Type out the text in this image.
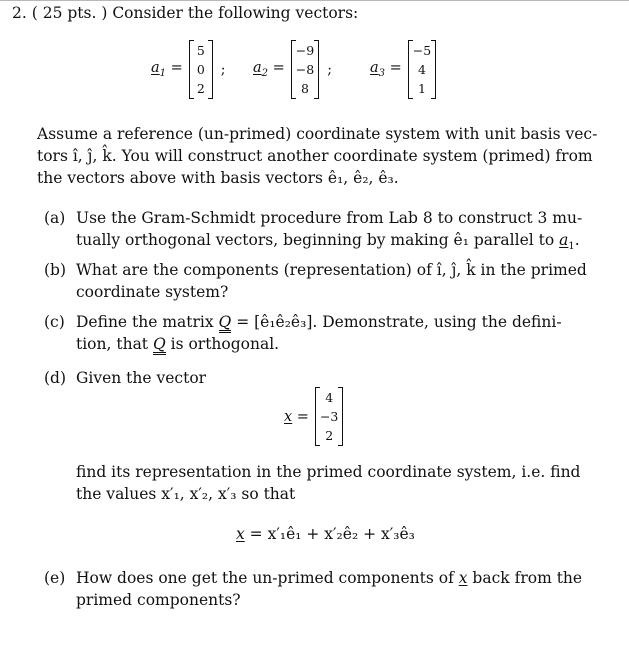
2. ( 25 pts. ) Consider the following vectors:
$a_1$ =
5
0
2
; $a_2$ =
−9
−8
8
;	$a_3$ =
−5
4
1
Assume a reference (un-primed) coordinate system with unit basis vec-
tors î, ĵ, k̂. You will construct another coordinate system (primed) from
the vectors above with basis vectors ê₁, ê₂, ê₃.
(a) Use the Gram-Schmidt procedure from Lab 8 to construct 3 mu-
tually orthogonal vectors, beginning by making ê₁ parallel to $a_1$.
(b) What are the components (representation) of î, ĵ, k̂ in the primed
coordinate system?
(c) Define the matrix Q = [ê₁ê₂ê₃]. Demonstrate, using the defini-
tion, that Q is orthogonal.
(d) Given the vector
x =
4
−3
2
find its representation in the primed coordinate system, i.e. find
the values x′₁, x′₂, x′₃ so that
x = x′₁ê₁ + x′₂ê₂ + x′₃ê₃
(e) How does one get the un-primed components of x back from the
primed components?
